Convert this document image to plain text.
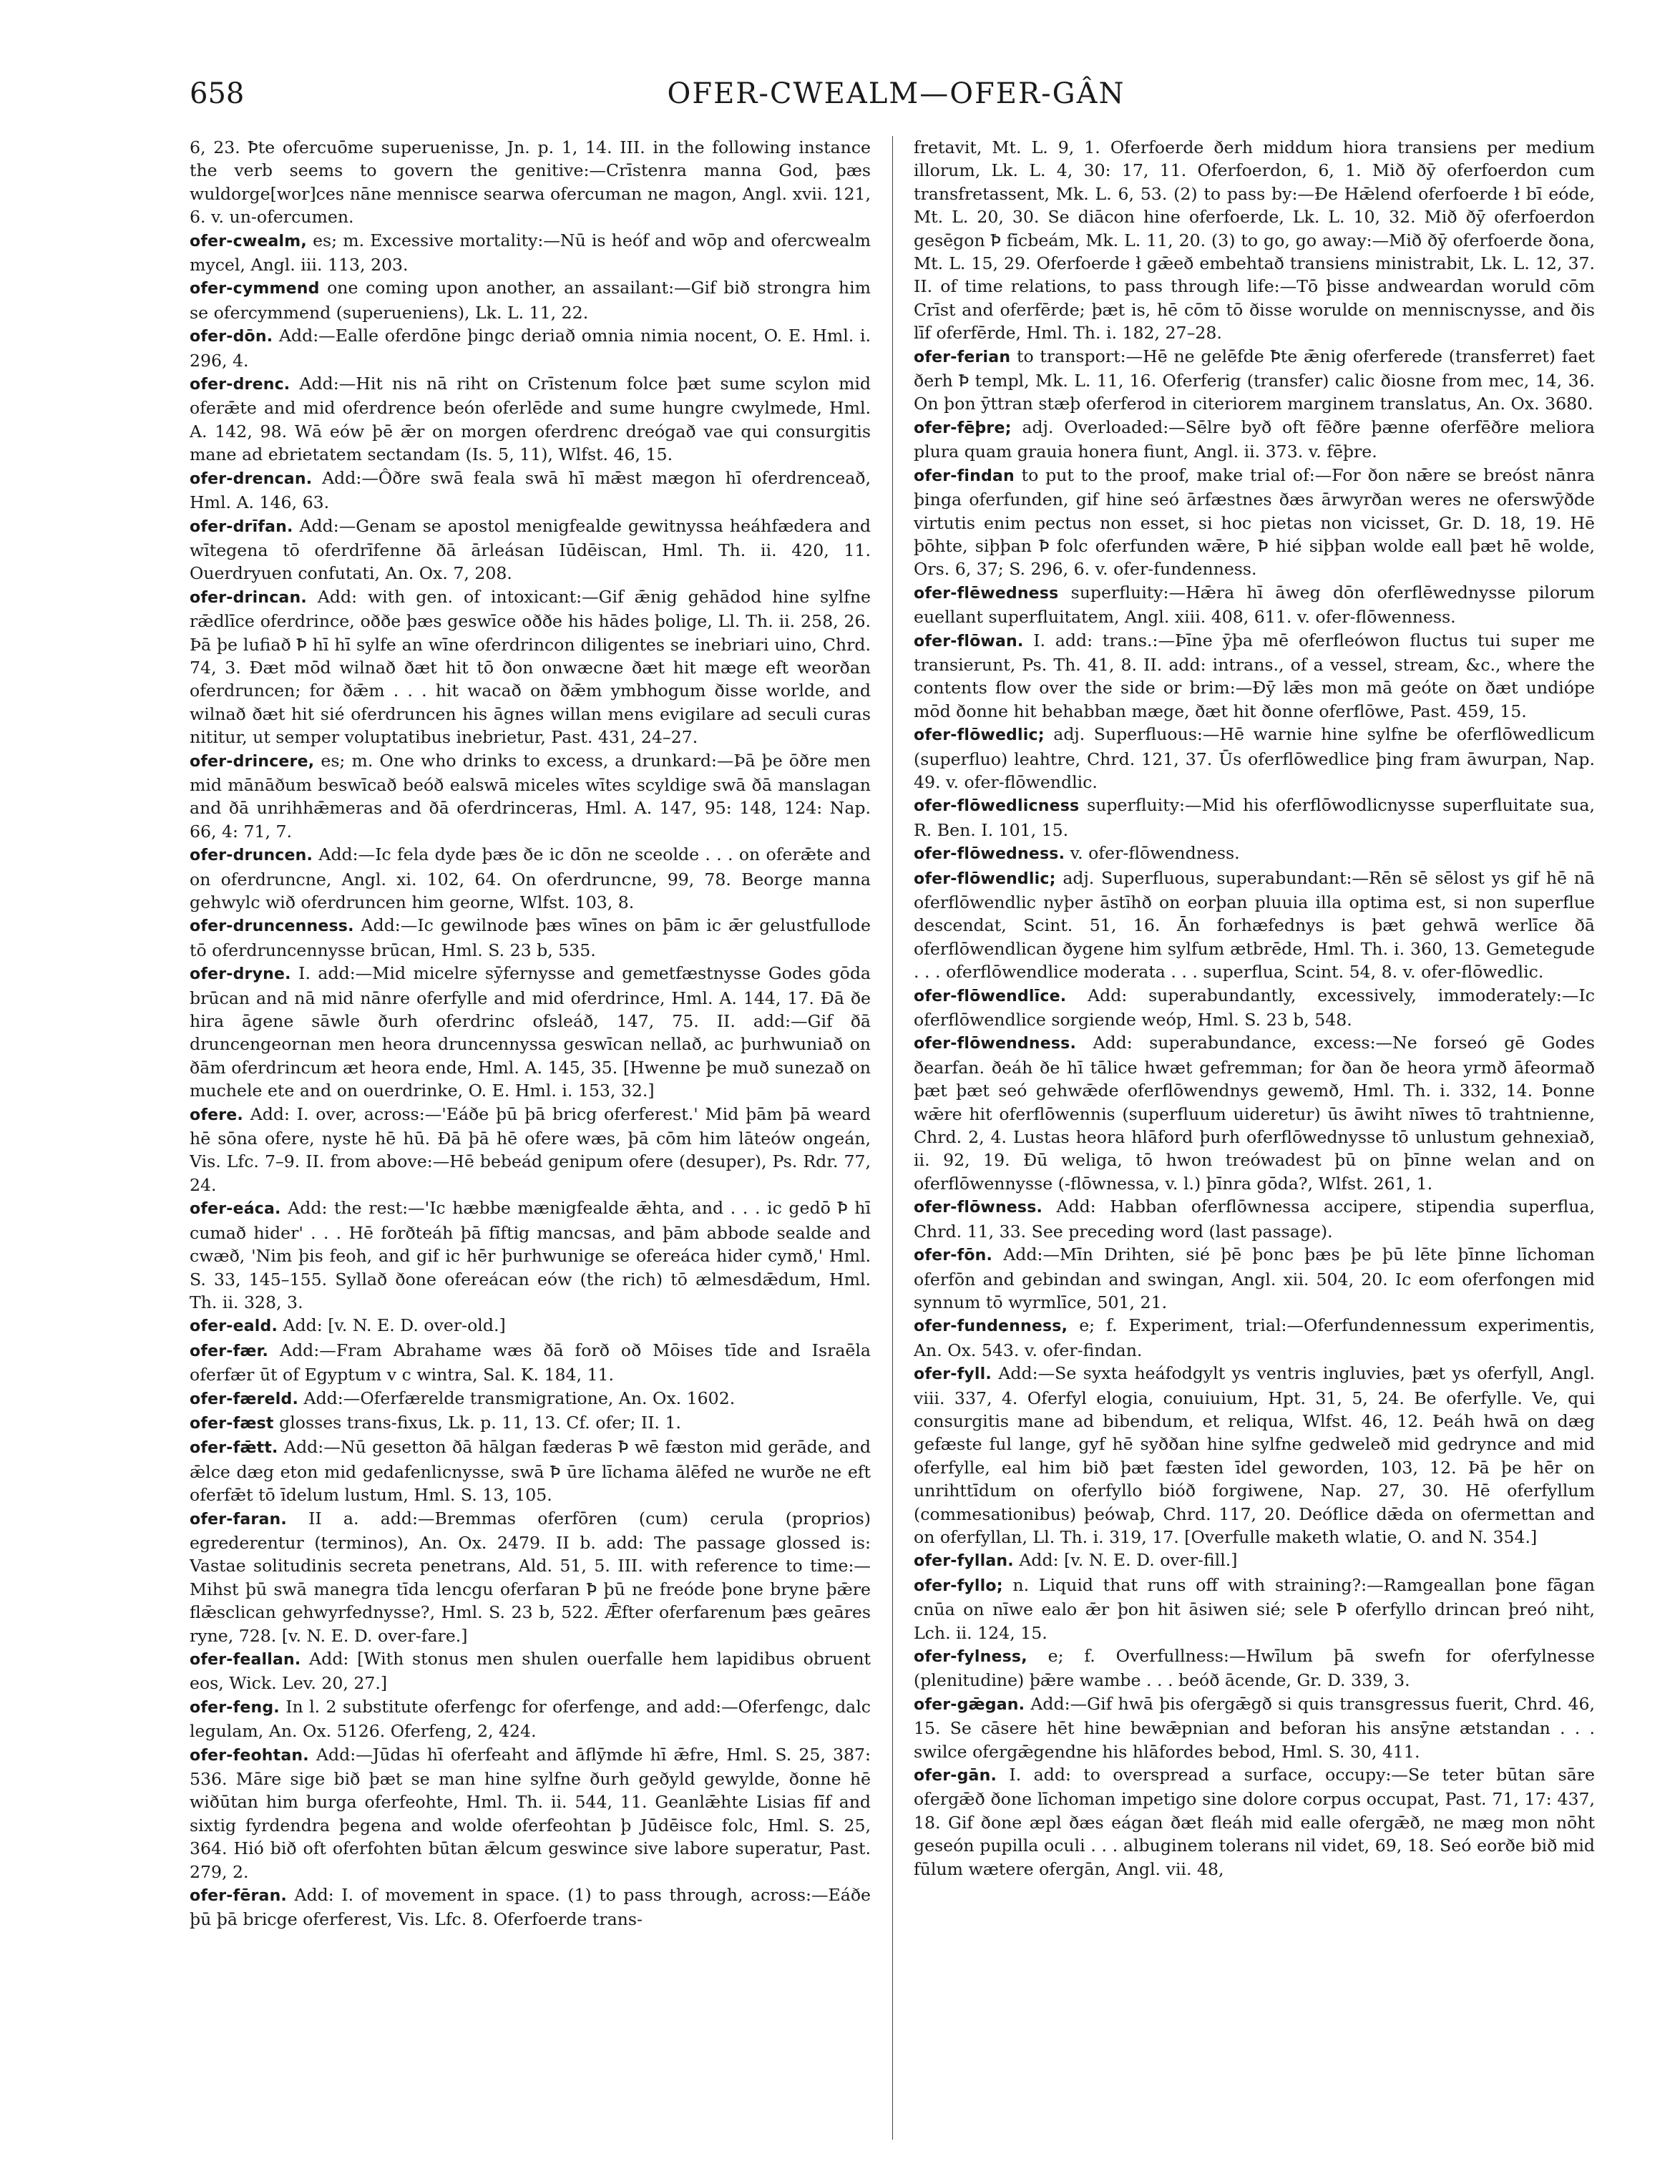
658	OFER-CWEALM—OFER-GÂN

6, 23. Ꝥte ofercuōme superuenisse, Jn. p. 1, 14. III. in the following instance the verb seems to govern the genitive:—Crīstenra manna God, þæs wuldorge[wor]ces nāne mennisce searwa ofercuman ne magon, Angl. xvii. 121, 6. v. un-ofercumen.

ofer-cwealm, es; m. Excessive mortality:—Nū is heóf and wōp and ofercwealm mycel, Angl. iii. 113, 203.

ofer-cymmend one coming upon another, an assailant:—Gif bið strongra him se ofercymmend (superueniens), Lk. L. 11, 22.

ofer-dōn. Add:—Ealle oferdōne þingc deriað omnia nimia nocent, O. E. Hml. i. 296, 4.

ofer-drenc. Add:—Hit nis nā riht on Crīstenum folce þæt sume scylon mid oferǣte and mid oferdrence beón oferlēde and sume hungre cwylmede, Hml. A. 142, 98. Wā eów þē ǣr on morgen oferdrenc dreógað vae qui consurgitis mane ad ebrietatem sectandam (Is. 5, 11), Wlfst. 46, 15.

ofer-drencan. Add:—Ôðre swā feala swā hī mǣst mægon hī oferdrenceað, Hml. A. 146, 63.

ofer-drīfan. Add:—Genam se apostol menigfealde gewitnyssa heáhfædera and wītegena tō oferdrīfenne ðā ārleásan Iūdēiscan, Hml. Th. ii. 420, 11. Ouerdryuen confutati, An. Ox. 7, 208.

ofer-drincan. Add: with gen. of intoxicant:—Gif ǣnig gehādod hine sylfne rǣdlīce oferdrince, oððe þæs geswīce oððe his hādes þolige, Ll. Th. ii. 258, 26. Þā þe lufiað Ꝥ hī hī sylfe an wīne oferdrincon diligentes se inebriari uino, Chrd. 74, 3. Ðæt mōd wilnað ðæt hit tō ðon onwæcne ðæt hit mæge eft weorðan oferdruncen; for ðǣm . . . hit wacað on ðǣm ymbhogum ðisse worlde, and wilnað ðæt hit sié oferdruncen his āgnes willan mens evigilare ad seculi curas nititur, ut semper voluptatibus inebrietur, Past. 431, 24–27.

ofer-drincere, es; m. One who drinks to excess, a drunkard:—Þā þe ōðre men mid mānāðum beswīcað beóð ealswā miceles wītes scyldige swā ðā manslagan and ðā unrihhǣmeras and ðā oferdrinceras, Hml. A. 147, 95: 148, 124: Nap. 66, 4: 71, 7.

ofer-druncen. Add:—Ic fela dyde þæs ðe ic dōn ne sceolde . . . on oferǣte and on oferdruncne, Angl. xi. 102, 64. On oferdruncne, 99, 78. Beorge manna gehwylc wið oferdruncen him georne, Wlfst. 103, 8.

ofer-druncenness. Add:—Ic gewilnode þæs wīnes on þām ic ǣr gelustfullode tō oferdruncennysse brūcan, Hml. S. 23 b, 535.

ofer-dryne. I. add:—Mid micelre sȳfernysse and gemetfæstnysse Godes gōda brūcan and nā mid nānre oferfylle and mid oferdrince, Hml. A. 144, 17. Ðā ðe hira āgene sāwle ðurh oferdrinc ofsleáð, 147, 75. II. add:—Gif ðā druncengeornan men heora druncennyssa geswīcan nellað, ac þurhwuniað on ðām oferdrincum æt heora ende, Hml. A. 145, 35. [Hwenne þe muð sunezað on muchele ete and on ouerdrinke, O. E. Hml. i. 153, 32.]

ofere. Add: I. over, across:—'Eáðe þū þā bricg oferferest.' Mid þām þā weard hē sōna ofere, nyste hē hū. Ðā þā hē ofere wæs, þā cōm him lāteów ongeán, Vis. Lfc. 7–9. II. from above:—Hē bebeád genipum ofere (desuper), Ps. Rdr. 77, 24.

ofer-eáca. Add: the rest:—'Ic hæbbe mænigfealde ǣhta, and . . . ic gedō Ꝥ hī cumað hider' . . . Hē forðteáh þā fīftig mancsas, and þām abbode sealde and cwæð, 'Nim þis feoh, and gif ic hēr þurhwunige se ofereáca hider cymð,' Hml. S. 33, 145–155. Syllað ðone ofereácan eów (the rich) tō ælmesdǣdum, Hml. Th. ii. 328, 3.

ofer-eald. Add: [v. N. E. D. over-old.]

ofer-fær. Add:—Fram Abrahame wæs ðā forð oð Mōises tīde and Israēla oferfær ūt of Egyptum v c wintra, Sal. K. 184, 11.

ofer-færeld. Add:—Oferfærelde transmigratione, An. Ox. 1602.

ofer-fæst glosses trans-fixus, Lk. p. 11, 13. Cf. ofer; II. 1.

ofer-fǣtt. Add:—Nū gesetton ðā hālgan fæderas Ꝥ wē fæston mid gerāde, and ǣlce dæg eton mid gedafenlicnysse, swā Ꝥ ūre līchama ālēfed ne wurðe ne eft oferfǣt tō īdelum lustum, Hml. S. 13, 105.

ofer-faran. II a. add:—Bremmas oferfōren (cum) cerula (proprios) egrederentur (terminos), An. Ox. 2479. II b. add: The passage glossed is: Vastae solitudinis secreta penetrans, Ald. 51, 5. III. with reference to time:—Mihst þū swā manegra tīda lencgu oferfaran Ꝥ þū ne freóde þone bryne þǣre flǣsclican gehwyrfednysse?, Hml. S. 23 b, 522. Ǣfter oferfarenum þæs geāres ryne, 728. [v. N. E. D. over-fare.]

ofer-feallan. Add: [With stonus men shulen ouerfalle hem lapidibus obruent eos, Wick. Lev. 20, 27.]

ofer-feng. In l. 2 substitute oferfengc for oferfenge, and add:—Oferfengc, dalc legulam, An. Ox. 5126. Oferfeng, 2, 424.

ofer-feohtan. Add:—Jūdas hī oferfeaht and āflȳmde hī ǣfre, Hml. S. 25, 387: 536. Māre sige bið þæt se man hine sylfne ðurh geðyld gewylde, ðonne hē wiðūtan him burga oferfeohte, Hml. Th. ii. 544, 11. Geanlǣhte Lisias fīf and sixtig fyrdendra þegena and wolde oferfeohtan þ Jūdēisce folc, Hml. S. 25, 364. Hió bið oft oferfohten būtan ǣlcum geswince sive labore superatur, Past. 279, 2.

ofer-fēran. Add: I. of movement in space. (1) to pass through, across:—Eáðe þū þā bricge oferferest, Vis. Lfc. 8. Oferfoerde trans-

fretavit, Mt. L. 9, 1. Oferfoerde ðerh middum hiora transiens per medium illorum, Lk. L. 4, 30: 17, 11. Oferfoerdon, 6, 1. Mið ðȳ oferfoerdon cum transfretassent, Mk. L. 6, 53. (2) to pass by:—Ðe Hǣlend oferfoerde ł bī eóde, Mt. L. 20, 30. Se diācon hine oferfoerde, Lk. L. 10, 32. Mið ðȳ oferfoerdon gesēgon Ꝥ fīcbeám, Mk. L. 11, 20. (3) to go, go away:—Mið ðȳ oferfoerde ðona, Mt. L. 15, 29. Oferfoerde ł gǣeð embehtað transiens ministrabit, Lk. L. 12, 37. II. of time relations, to pass through life:—Tō þisse andweardan woruld cōm Crīst and oferfērde; þæt is, hē cōm tō ðisse worulde on menniscnysse, and ðis līf oferfērde, Hml. Th. i. 182, 27–28.

ofer-ferian to transport:—Hē ne gelēfde Ꝥte ǣnig oferferede (transferret) faet ðerh Ꝥ templ, Mk. L. 11, 16. Oferferig (transfer) calic ðiosne from mec, 14, 36. On þon ȳttran stæþ oferferod in citeriorem marginem translatus, An. Ox. 3680.

ofer-fēþre; adj. Overloaded:—Sēlre byð oft fēðre þænne oferfēðre meliora plura quam grauia honera fiunt, Angl. ii. 373. v. fēþre.

ofer-findan to put to the proof, make trial of:—For ðon nǣre se breóst nānra þinga oferfunden, gif hine seó ārfæstnes ðæs ārwyrðan weres ne oferswȳðde virtutis enim pectus non esset, si hoc pietas non vicisset, Gr. D. 18, 19. Hē þōhte, siþþan Ꝥ folc oferfunden wǣre, Ꝥ hié siþþan wolde eall þæt hē wolde, Ors. 6, 37; S. 296, 6. v. ofer-fundenness.

ofer-flēwedness superfluity:—Hǣra hī āweg dōn oferflēwednysse pilorum euellant superfluitatem, Angl. xiii. 408, 611. v. ofer-flōwenness.

ofer-flōwan. I. add: trans.:—Þīne ȳþa mē oferfleówon fluctus tui super me transierunt, Ps. Th. 41, 8. II. add: intrans., of a vessel, stream, &c., where the contents flow over the side or brim:—Ðȳ lǣs mon mā geóte on ðæt undiópe mōd ðonne hit behabban mæge, ðæt hit ðonne oferflōwe, Past. 459, 15.

ofer-flōwedlic; adj. Superfluous:—Hē warnie hine sylfne be oferflōwedlicum (superfluo) leahtre, Chrd. 121, 37. Ūs oferflōwedlice þing fram āwurpan, Nap. 49. v. ofer-flōwendlic.

ofer-flōwedlicness superfluity:—Mid his oferflōwodlicnysse superfluitate sua, R. Ben. I. 101, 15.

ofer-flōwedness. v. ofer-flōwendness.

ofer-flōwendlic; adj. Superfluous, superabundant:—Rēn sē sēlost ys gif hē nā oferflōwendlic nyþer āstīhð on eorþan pluuia illa optima est, si non superflue descendat, Scint. 51, 16. Ān forhæfednys is þæt gehwā werlīce ðā oferflōwendlican ðygene him sylfum ætbrēde, Hml. Th. i. 360, 13. Gemetegude . . . oferflōwendlice moderata . . . superflua, Scint. 54, 8. v. ofer-flōwedlic.

ofer-flōwendlīce. Add: superabundantly, excessively, immoderately:—Ic oferflōwendlice sorgiende weóp, Hml. S. 23 b, 548.

ofer-flōwendness. Add: superabundance, excess:—Ne forseó gē Godes ðearfan. ðeáh ðe hī tālice hwæt gefremman; for ðan ðe heora yrmð āfeormað þæt þæt seó gehwǣde oferflōwendnys gewemð, Hml. Th. i. 332, 14. Þonne wǣre hit oferflōwennis (superfluum uideretur) ūs āwiht nīwes tō trahtnienne, Chrd. 2, 4. Lustas heora hlāford þurh oferflōwednysse tō unlustum gehnexiað, ii. 92, 19. Ðū weliga, tō hwon treówadest þū on þīnne welan and on oferflōwennysse (-flōwnessa, v. l.) þīnra gōda?, Wlfst. 261, 1.

ofer-flōwness. Add: Habban oferflōwnessa accipere, stipendia superflua, Chrd. 11, 33. See preceding word (last passage).

ofer-fōn. Add:—Mīn Drihten, sié þē þonc þæs þe þū lēte þīnne līchoman oferfōn and gebindan and swingan, Angl. xii. 504, 20. Ic eom oferfongen mid synnum tō wyrmlīce, 501, 21.

ofer-fundenness, e; f. Experiment, trial:—Oferfundennessum experimentis, An. Ox. 543. v. ofer-findan.

ofer-fyll. Add:—Se syxta heáfodgylt ys ventris ingluvies, þæt ys oferfyll, Angl. viii. 337, 4. Oferfyl elogia, conuiuium, Hpt. 31, 5, 24. Be oferfylle. Ve, qui consurgitis mane ad bibendum, et reliqua, Wlfst. 46, 12. Þeáh hwā on dæg gefæste ful lange, gyf hē syððan hine sylfne gedweleð mid gedrynce and mid oferfylle, eal him bið þæt fæsten īdel geworden, 103, 12. Þā þe hēr on unrihttīdum on oferfyllo bióð forgiwene, Nap. 27, 30. Hē oferfyllum (commesationibus) þeówaþ, Chrd. 117, 20. Deóflice dǣda on ofermettan and on oferfyllan, Ll. Th. i. 319, 17. [Overfulle maketh wlatie, O. and N. 354.]

ofer-fyllan. Add: [v. N. E. D. over-fill.]

ofer-fyllo; n. Liquid that runs off with straining?:—Ramgeallan þone fāgan cnūa on nīwe ealo ǣr þon hit āsiwen sié; sele Ꝥ oferfyllo drincan þreó niht, Lch. ii. 124, 15.

ofer-fylness, e; f. Overfullness:—Hwīlum þā swefn for oferfylnesse (plenitudine) þǣre wambe . . . beóð ācende, Gr. D. 339, 3.

ofer-gǣgan. Add:—Gif hwā þis ofergǣgð si quis transgressus fuerit, Chrd. 46, 15. Se cāsere hēt hine bewǣpnian and beforan his ansȳne ætstandan . . . swilce ofergǣgendne his hlāfordes bebod, Hml. S. 30, 411.

ofer-gān. I. add: to overspread a surface, occupy:—Se teter būtan sāre ofergǣð ðone līchoman impetigo sine dolore corpus occupat, Past. 71, 17: 437, 18. Gif ðone æpl ðæs eágan ðæt fleáh mid ealle ofergǣð, ne mæg mon nōht geseón pupilla oculi . . . albuginem tolerans nil videt, 69, 18. Seó eorðe bið mid fūlum wætere ofergān, Angl. vii. 48,
